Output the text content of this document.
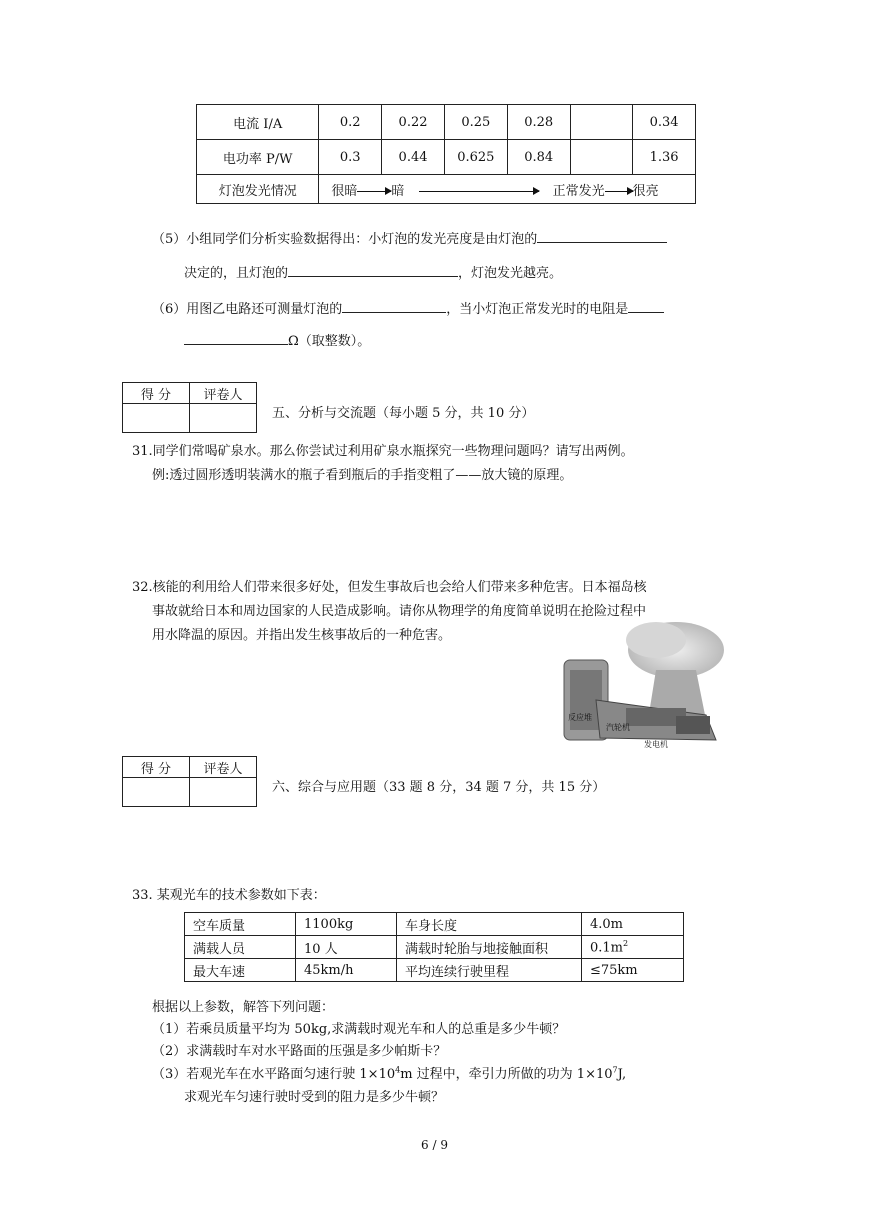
电流 I/A	0.2	0.22	0.25	0.28		0.34
电功率 P/W	0.3	0.44	0.625	0.84		1.36
灯泡发光情况	很暗 暗 正常发光 很亮					
（5）小组同学们分析实验数据得出：小灯泡的发光亮度是由灯泡的
决定的，且灯泡的	，灯泡发光越亮。
（6）用图乙电路还可测量灯泡的	，当小灯泡正常发光时的电阻是
Ω（取整数）。
得 分	评卷人

五、分析与交流题（每小题 5 分，共 10 分）
31.同学们常喝矿泉水。那么你尝试过利用矿泉水瓶探究一些物理问题吗？请写出两例。
例:透过圆形透明装满水的瓶子看到瓶后的手指变粗了——放大镜的原理。
32.核能的利用给人们带来很多好处，但发生事故后也会给人们带来多种危害。日本福岛核
事故就给日本和周边国家的人民造成影响。请你从物理学的角度简单说明在抢险过程中
用水降温的原因。并指出发生核事故后的一种危害。
反应堆
汽轮机
发电机
得 分	评卷人

六、综合与应用题（33 题 8 分，34 题 7 分，共 15 分）
33. 某观光车的技术参数如下表：
空车质量	1100kg	车身长度	4.0m
满载人员	10 人	满载时轮胎与地接触面积	$0.1m^2$
最大车速	45km/h	平均连续行驶里程	≤75km
根据以上参数，解答下列问题：
（1）若乘员质量平均为 50kg,求满载时观光车和人的总重是多少牛顿？
（2）求满载时车对水平路面的压强是多少帕斯卡？
（3）若观光车在水平路面匀速行驶 $1\times 10^4m$ 过程中，牵引力所做的功为 $1\times 10^7J$,
求观光车匀速行驶时受到的阻力是多少牛顿？
6 / 9
